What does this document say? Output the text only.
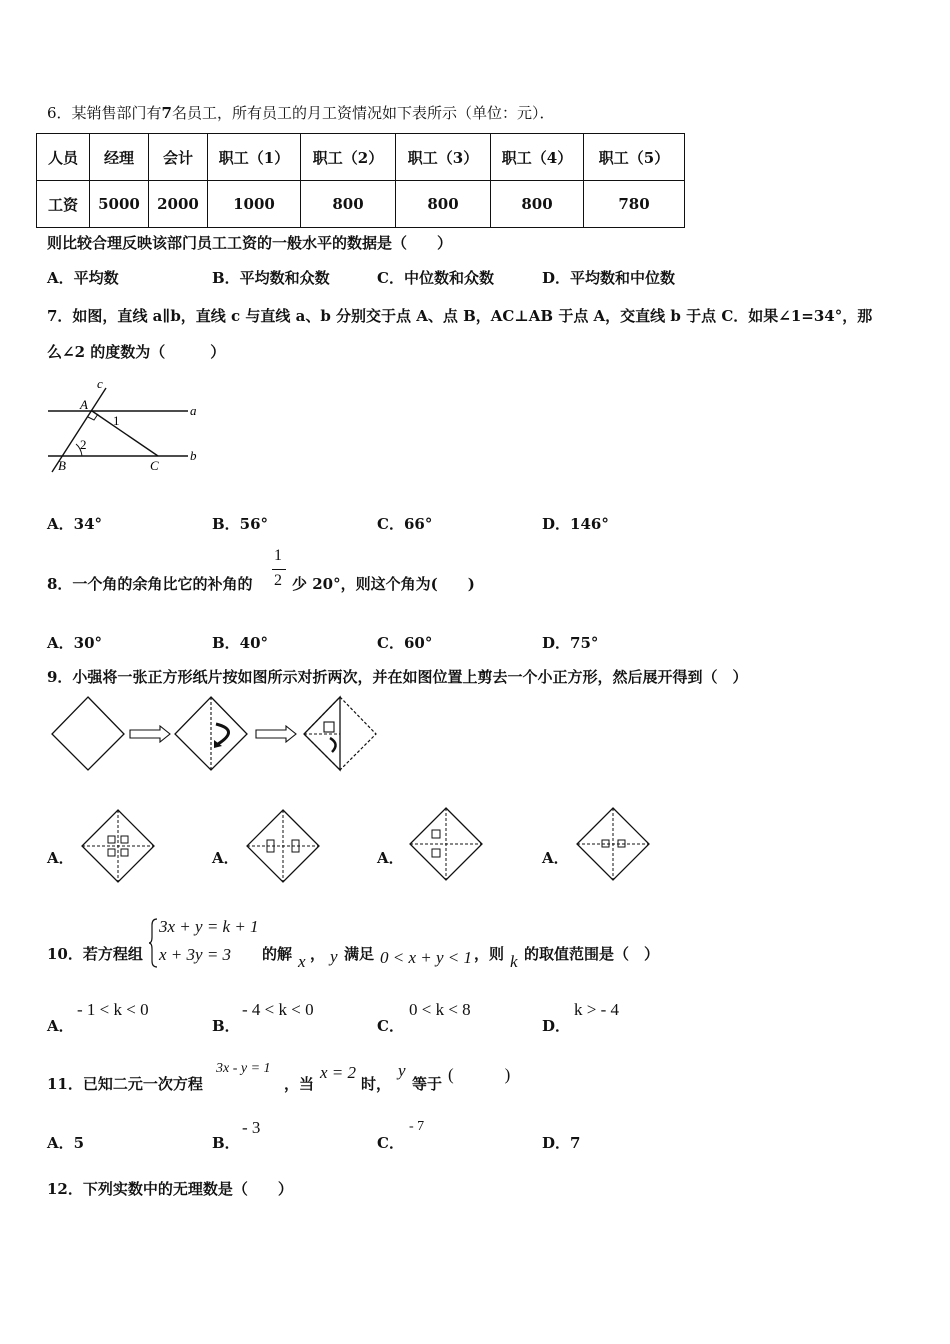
6．某销售部门有7名员工，所有员工的月工资情况如下表所示（单位：元）．
人员	经理	会计	职工（1）	职工（2）	职工（3）	职工（4）	职工（5）
工资	5000	2000	1000	800	800	800	780
则比较合理反映该部门员工工资的一般水平的数据是（　　）
A．平均数	B．平均数和众数	C．中位数和众数	D．平均数和中位数
7．如图，直线 a∥b，直线 c 与直线 a、b 分别交于点 A、点 B，AC⊥AB 于点 A，交直线 b 于点 C．如果∠1=34°，那
么∠2 的度数为（　　　）
c
A
1
a
2
B	C
b
A．34°	B．56°	C．66°	D．146°
8．一个角的余角比它的补角的
1
2 少 20°，则这个角为(　　)
A．30°	B．40°	C．60°	D．75°
9．小强将一张正方形纸片按如图所示对折两次，并在如图位置上剪去一个小正方形，然后展开得到（　）
A．	A．	A．	A．
10．若方程组
3x + y = k + 1
x + 3y = 3 的解 x ， y 满足 0 < x + y < 1 ，则 k 的取值范围是（　）
A．
- 1 < k < 0
B．
- 4 < k < 0
C．
0 < k < 8
D．
k > - 4
11．已知二元一次方程
3x - y = 1
，当
x = 2
时，
y
等于 (　　　)
A．5	B．
- 3
C．
- 7
D．7
12．下列实数中的无理数是（　　）
